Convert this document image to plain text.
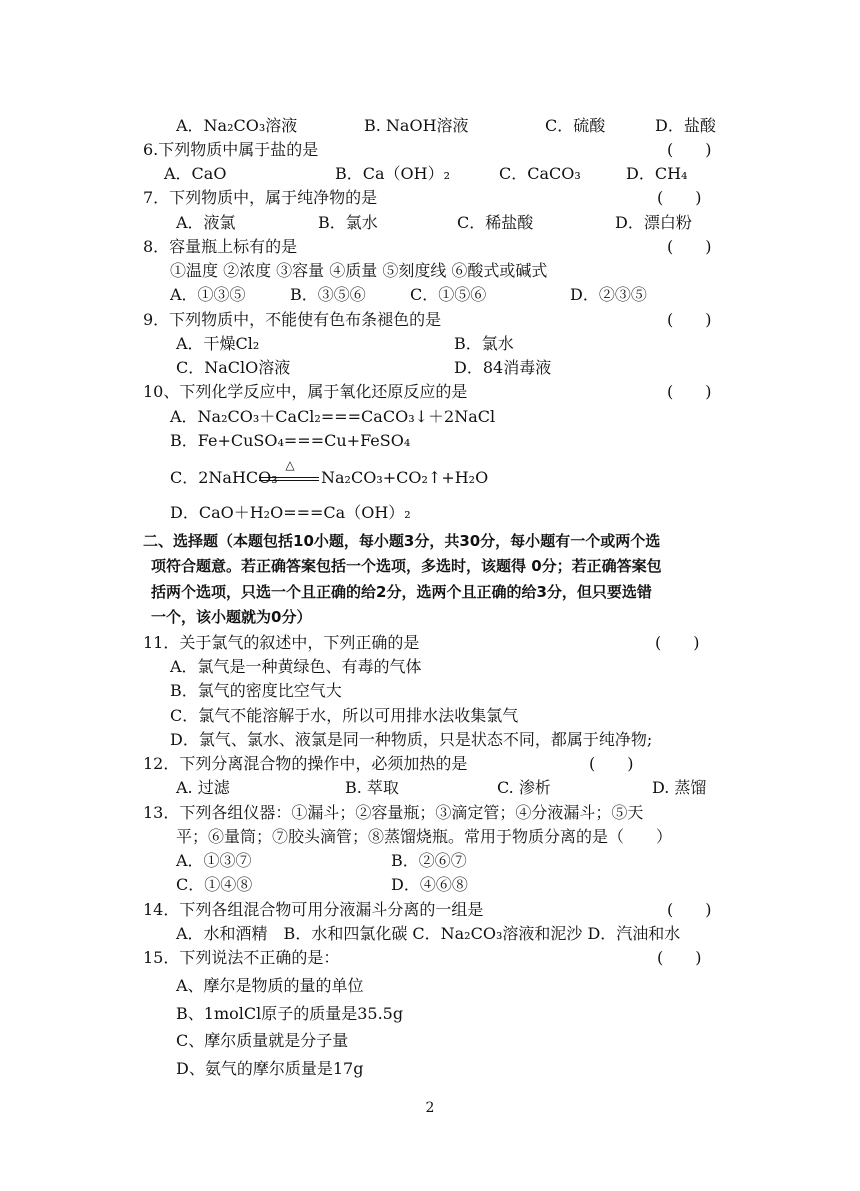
A．Na₂CO₃溶液	B. NaOH溶液	C．硫酸	D．盐酸
6.下列物质中属于盐的是	(　　)
A．CaO	B．Ca（OH）₂	C．CaCO₃	D．CH₄
7．下列物质中，属于纯净物的是	(　　)
A．液氯	B．氯水	C．稀盐酸	D．漂白粉
8．容量瓶上标有的是	(　　)
①温度 ②浓度 ③容量 ④质量 ⑤刻度线 ⑥酸式或碱式
A．①③⑤	B．③⑤⑥	C．①⑤⑥	D．②③⑤
9．下列物质中，不能使有色布条褪色的是	(　　)
A．干燥Cl₂	B．氯水
C．NaClO溶液	D．84消毒液
10、下列化学反应中，属于氧化还原反应的是	(　　)
A．Na₂CO₃＋CaCl₂===CaCO₃↓＋2NaCl
B．Fe+CuSO₄===Cu+FeSO₄
C．2NaHCO₃
△
Na₂CO₃+CO₂↑+H₂O
D．CaO＋H₂O===Ca（OH）₂
二、选择题（本题包括10小题，每小题3分，共30分，每小题有一个或两个选
项符合题意。若正确答案包括一个选项，多选时，该题得 0分；若正确答案包
括两个选项，只选一个且正确的给2分，选两个且正确的给3分，但只要选错
一个，该小题就为0分）
11．关于氯气的叙述中，下列正确的是	(　　)
A．氯气是一种黄绿色、有毒的气体
B．氯气的密度比空气大
C．氯气不能溶解于水，所以可用排水法收集氯气
D．氯气、氯水、液氯是同一种物质，只是状态不同，都属于纯净物;
12．下列分离混合物的操作中，必须加热的是	(　　)
A. 过滤	B. 萃取	C. 渗析	D. 蒸馏
13．下列各组仪器：①漏斗；②容量瓶；③滴定管；④分液漏斗；⑤天
平；⑥量筒；⑦胶头滴管；⑧蒸馏烧瓶。常用于物质分离的是（　　）
A．①③⑦	B．②⑥⑦
C．①④⑧	D．④⑥⑧
14．下列各组混合物可用分液漏斗分离的一组是	(　　)
A．水和酒精　B．水和四氯化碳 C．Na₂CO₃溶液和泥沙 D．汽油和水
15．下列说法不正确的是：	(　　)
A、摩尔是物质的量的单位
B、1molCl原子的质量是35.5g
C、摩尔质量就是分子量
D、氨气的摩尔质量是17g
2
